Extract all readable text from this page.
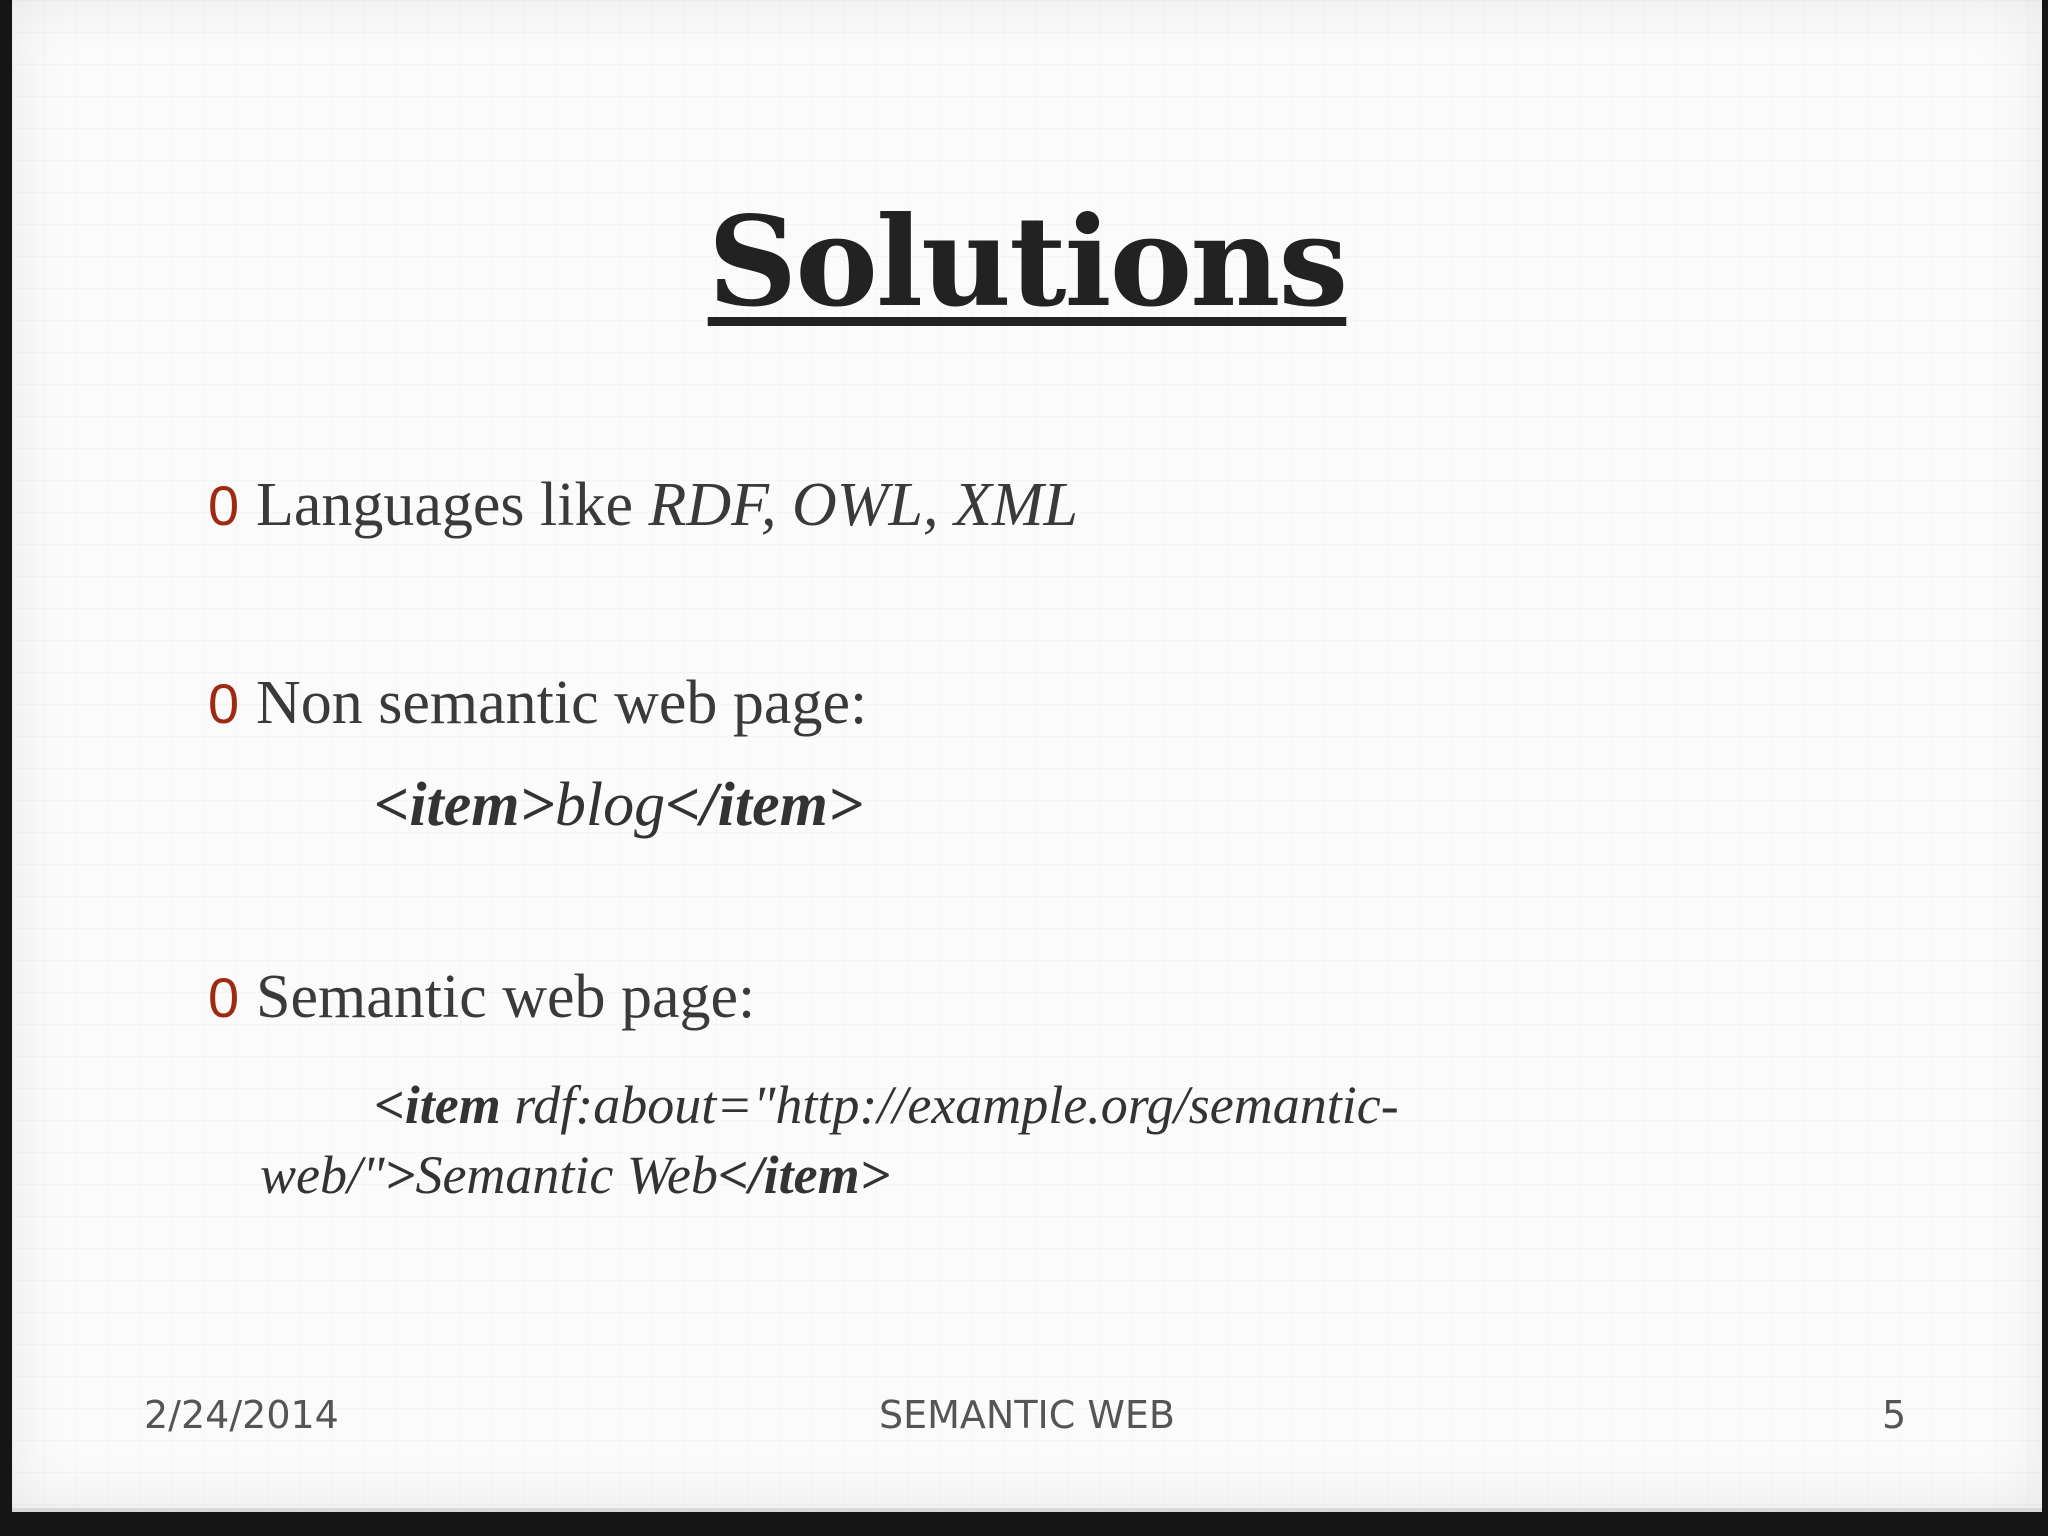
Solutions
0 Languages like RDF, OWL, XML
0 Non semantic web page:
<item>blog</item>
0 Semantic web page:
<item rdf:about="http://example.org/semantic-
web/">Semantic Web</item>
2/24/2014	SEMANTIC WEB	5
